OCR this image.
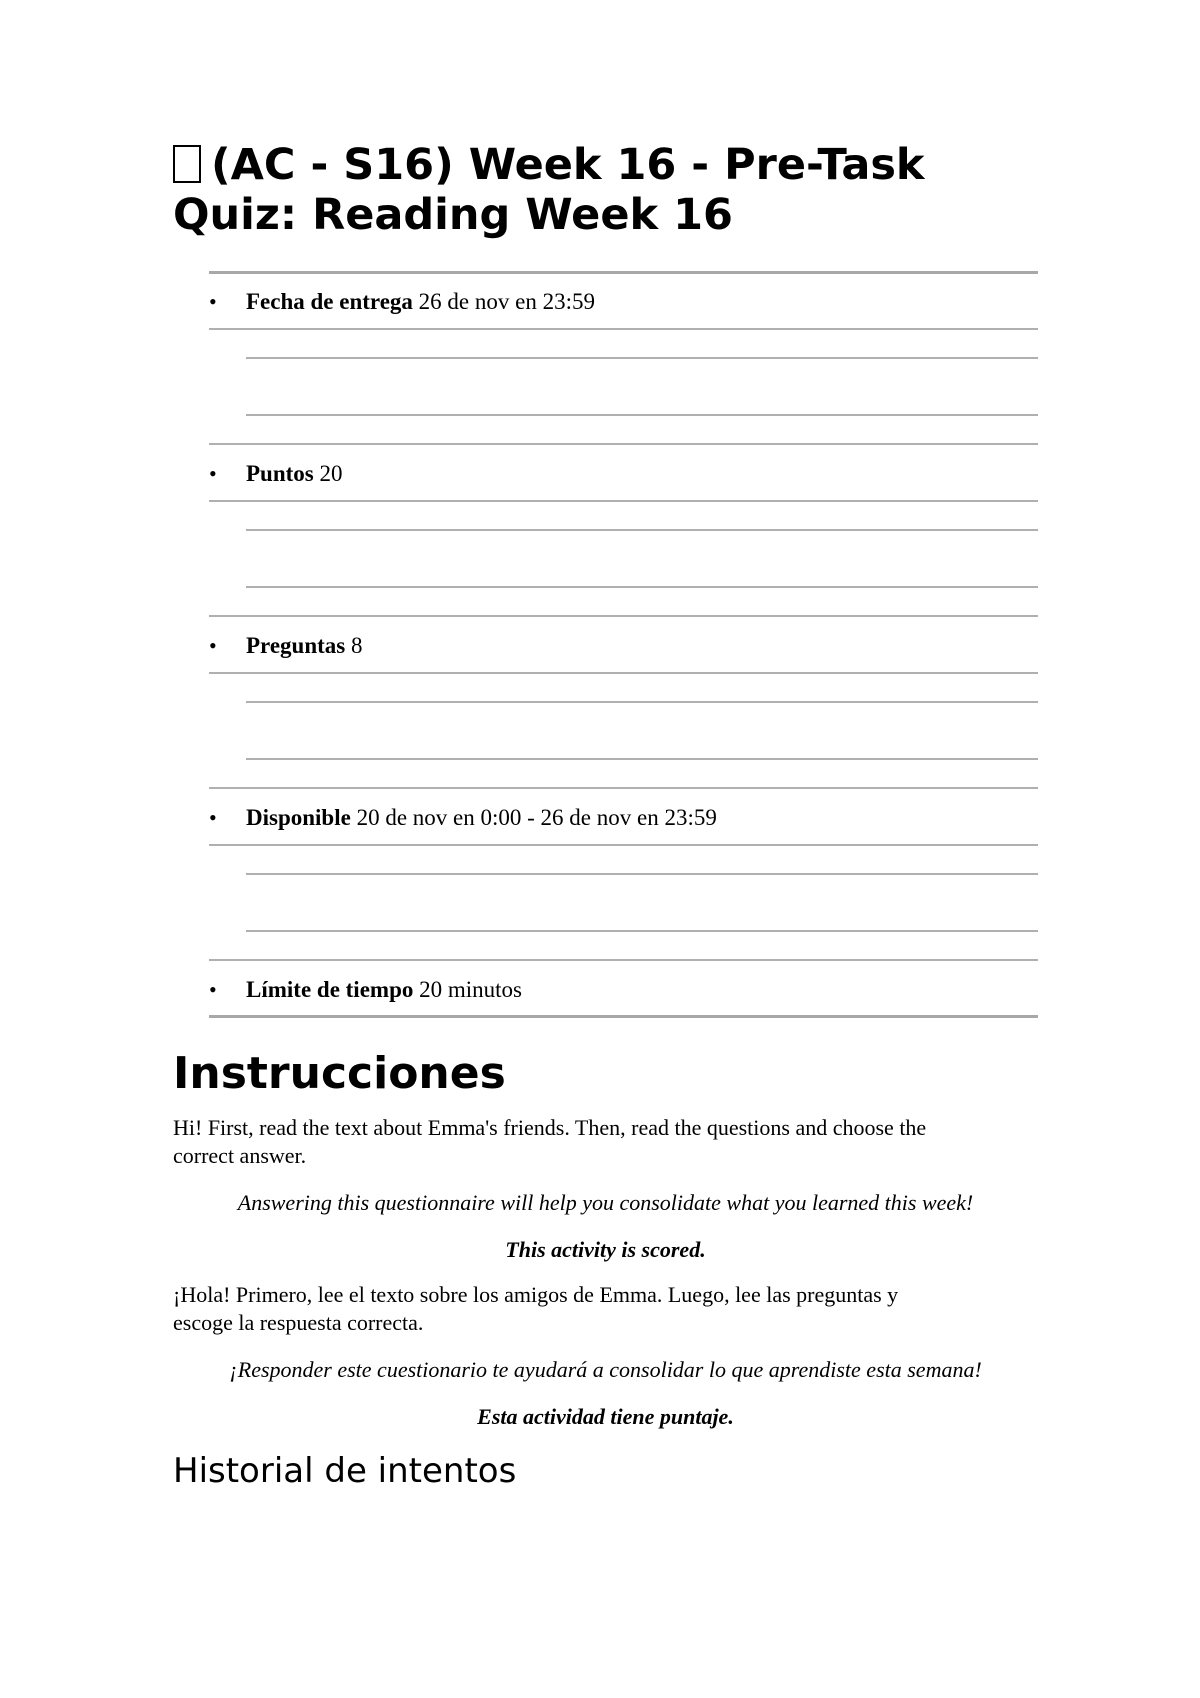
(AC - S16) Week 16 - Pre-Task
Quiz: Reading Week 16
•	Fecha de entrega 26 de nov en 23:59
•	Puntos 20
•	Preguntas 8
•	Disponible 20 de nov en 0:00 - 26 de nov en 23:59
•	Límite de tiempo 20 minutos
Instrucciones

Hi! First, read the text about Emma's friends. Then, read the questions and choose the
correct answer.

Answering this questionnaire will help you consolidate what you learned this week!

This activity is scored.

¡Hola! Primero, lee el texto sobre los amigos de Emma. Luego, lee las preguntas y
escoge la respuesta correcta.

¡Responder este cuestionario te ayudará a consolidar lo que aprendiste esta semana!

Esta actividad tiene puntaje.

Historial de intentos
